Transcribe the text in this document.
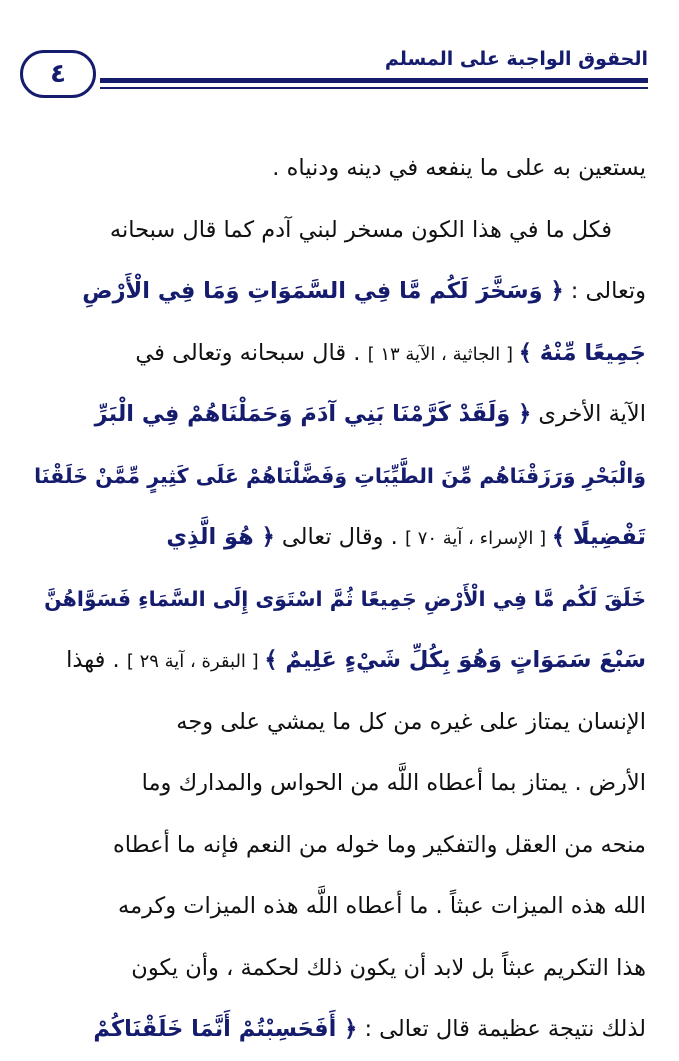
٤	الحقوق الواجبة على المسلم
يستعين به على ما ينفعه في دينه ودنياه .
فكل ما في هذا الكون مسخر لبني آدم كما قال سبحانه
وتعالى : ﴿ وَسَخَّرَ لَكُم مَّا فِي السَّمَوَاتِ وَمَا فِي الْأَرْضِ
جَمِيعًا مِّنْهُ ﴾ [ الجاثية ، الآية ١٣ ] . قال سبحانه وتعالى في
الآية الأخرى ﴿ وَلَقَدْ كَرَّمْنَا بَنِي آدَمَ وَحَمَلْنَاهُمْ فِي الْبَرِّ
وَالْبَحْرِ وَرَزَقْنَاهُم مِّنَ الطَّيِّبَاتِ وَفَضَّلْنَاهُمْ عَلَى كَثِيرٍ مِّمَّنْ خَلَقْنَا
تَفْضِيلًا ﴾ [ الإسراء ، آية ٧٠ ] . وقال تعالى ﴿ هُوَ الَّذِي
خَلَقَ لَكُم مَّا فِي الْأَرْضِ جَمِيعًا ثُمَّ اسْتَوَى إِلَى السَّمَاءِ فَسَوَّاهُنَّ
سَبْعَ سَمَوَاتٍ وَهُوَ بِكُلِّ شَيْءٍ عَلِيمٌ ﴾ [ البقرة ، آية ٢٩ ] . فهذا
الإنسان يمتاز على غيره من كل ما يمشي على وجه
الأرض . يمتاز بما أعطاه اللَّه من الحواس والمدارك وما
منحه من العقل والتفكير وما خوله من النعم فإنه ما أعطاه
الله هذه الميزات عبثاً . ما أعطاه اللَّه هذه الميزات وكرمه
هذا التكريم عبثاً بل لابد أن يكون ذلك لحكمة ، وأن يكون
لذلك نتيجة عظيمة قال تعالى : ﴿ أَفَحَسِبْتُمْ أَنَّمَا خَلَقْنَاكُمْ
